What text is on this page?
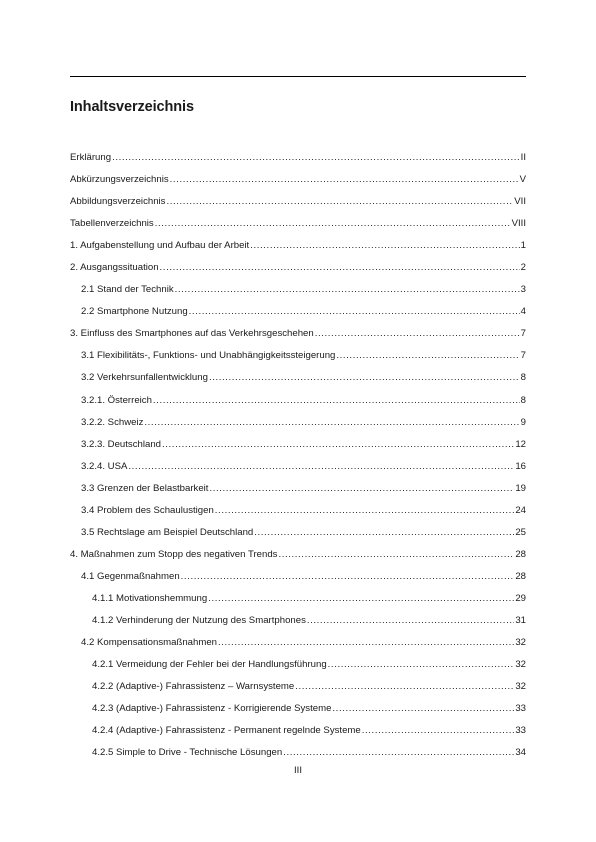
Inhaltsverzeichnis
Erklärung .....	II
Abkürzungsverzeichnis .....	V
Abbildungsverzeichnis .....	VII
Tabellenverzeichnis .....	VIII
1. Aufgabenstellung und Aufbau der Arbeit .....	1
2. Ausgangssituation .....	2
2.1 Stand der Technik .....	3
2.2 Smartphone Nutzung .....	4
3. Einfluss des Smartphones auf das Verkehrsgeschehen .....	7
3.1 Flexibilitäts-, Funktions- und Unabhängigkeitssteigerung .....	7
3.2 Verkehrsunfallentwicklung .....	8
3.2.1. Österreich .....	8
3.2.2. Schweiz .....	9
3.2.3. Deutschland .....	12
3.2.4. USA .....	16
3.3 Grenzen der Belastbarkeit .....	19
3.4 Problem des Schaulustigen .....	24
3.5 Rechtslage am Beispiel Deutschland .....	25
4. Maßnahmen zum Stopp des negativen Trends .....	28
4.1 Gegenmaßnahmen .....	28
4.1.1 Motivationshemmung .....	29
4.1.2 Verhinderung der Nutzung des Smartphones .....	31
4.2 Kompensationsmaßnahmen .....	32
4.2.1 Vermeidung der Fehler bei der Handlungsführung .....	32
4.2.2 (Adaptive-) Fahrassistenz – Warnsysteme .....	32
4.2.3 (Adaptive-) Fahrassistenz - Korrigierende Systeme .....	33
4.2.4 (Adaptive-) Fahrassistenz - Permanent regelnde Systeme .....	33
4.2.5 Simple to Drive - Technische Lösungen .....	34
III
